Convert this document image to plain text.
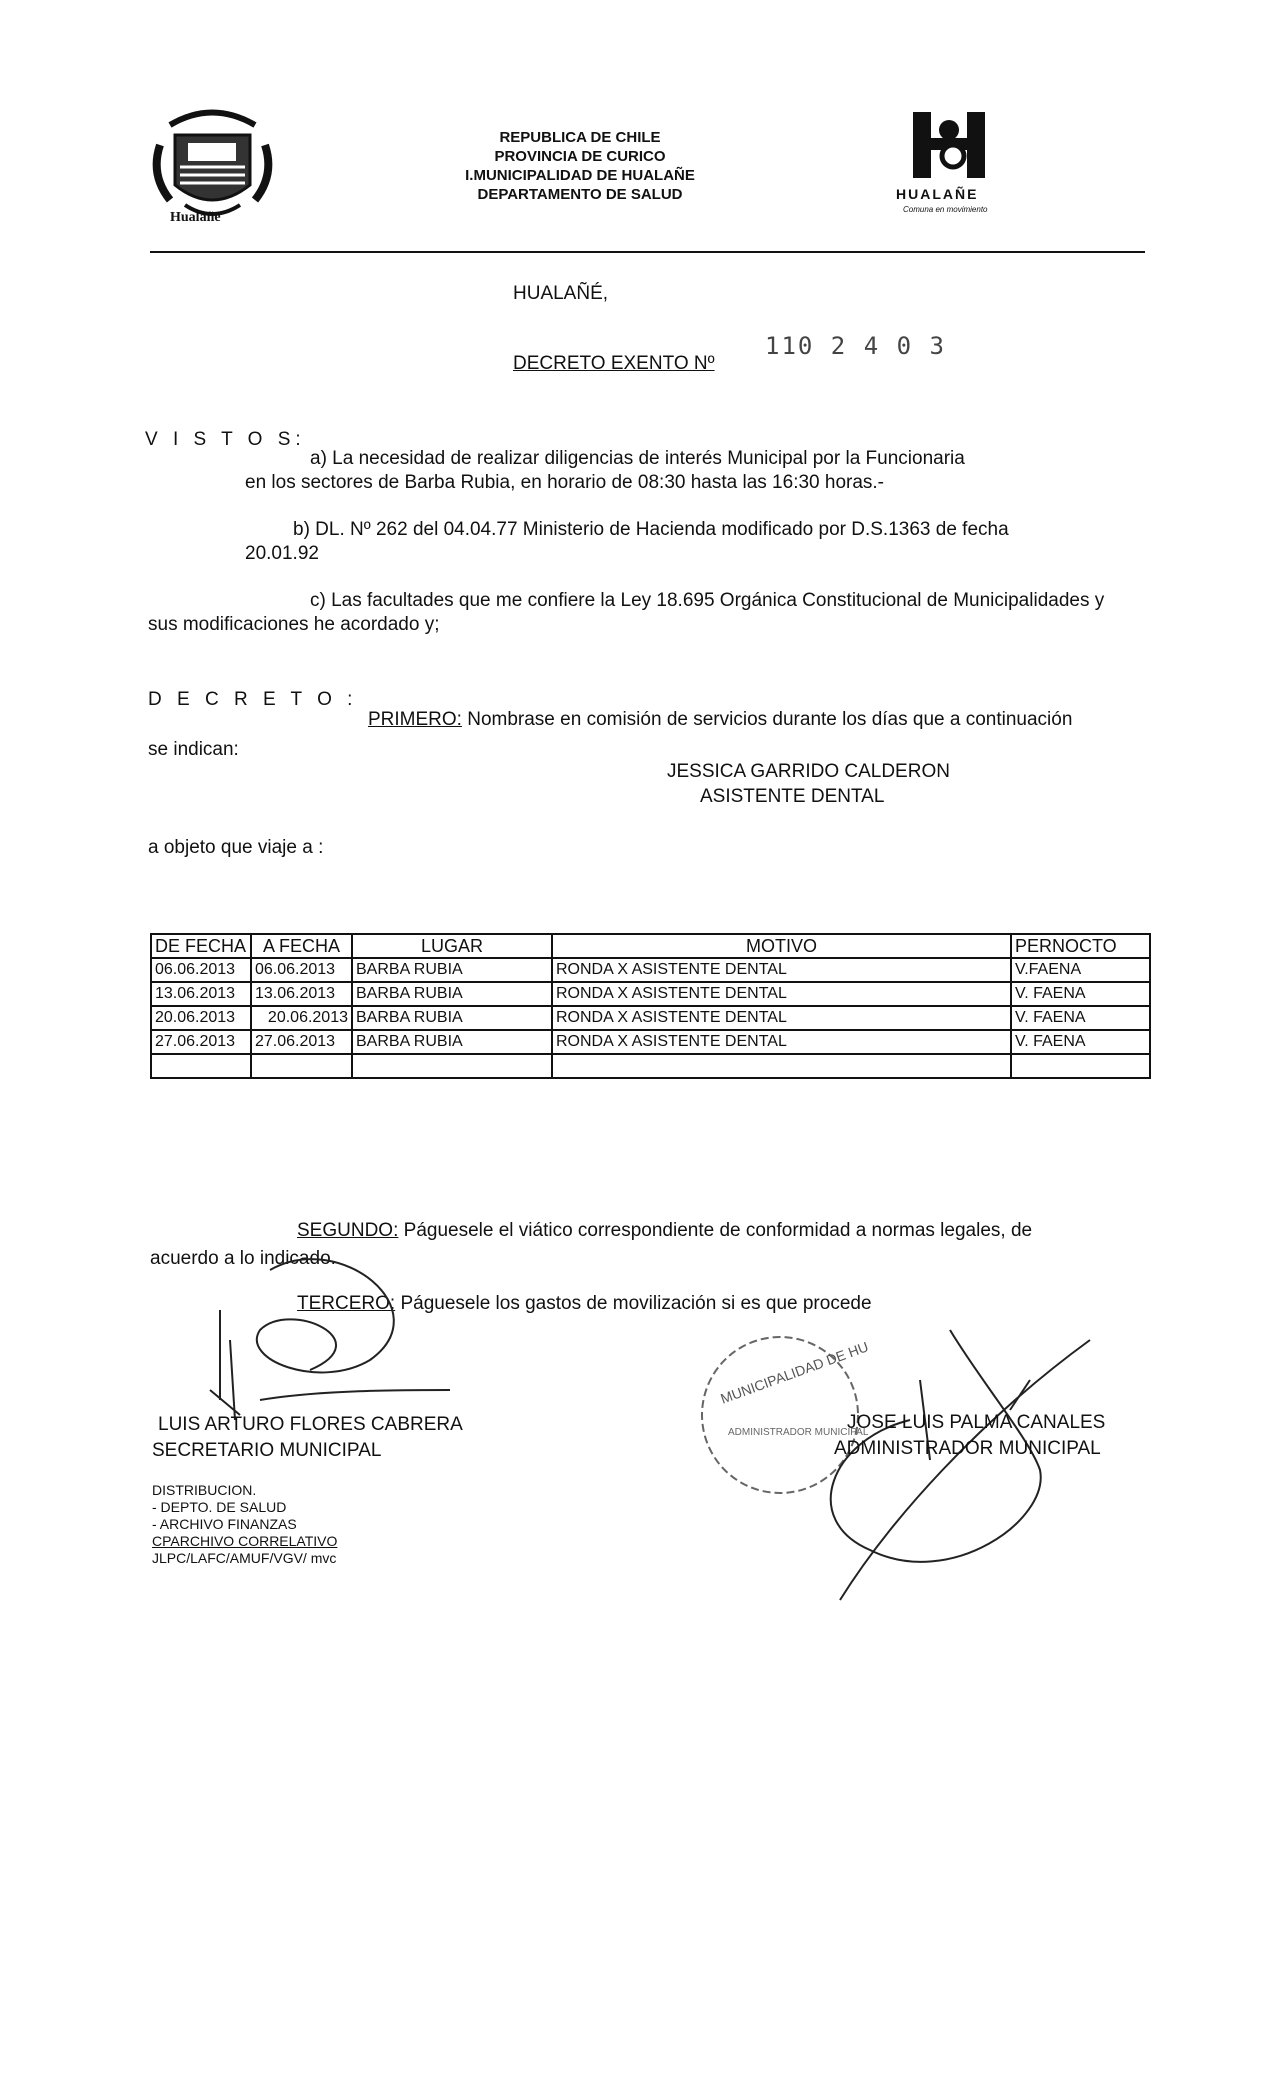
Hualañé
REPUBLICA DE CHILE
PROVINCIA DE CURICO
I.MUNICIPALIDAD DE HUALAÑE
DEPARTAMENTO DE SALUD	HUALAÑE
Comuna en movimiento
HUALAÑÉ,
DECRETO EXENTO Nº
110 2 4 0 3
V I S T O S:
a) La necesidad de realizar diligencias de interés Municipal por la Funcionaria
en los sectores de Barba Rubia, en horario de 08:30 hasta las 16:30 horas.-
b) DL. Nº 262 del 04.04.77 Ministerio de Hacienda modificado por D.S.1363 de fecha
20.01.92
c) Las facultades que me confiere la Ley 18.695 Orgánica Constitucional de Municipalidades y
sus modificaciones he acordado y;
D E C R E T O :
PRIMERO: Nombrase en comisión de servicios durante los días que a continuación
se indican:
JESSICA GARRIDO CALDERON
ASISTENTE DENTAL
a objeto que viaje a :
DE FECHA	A FECHA	LUGAR	MOTIVO	PERNOCTO
06.06.2013	06.06.2013	BARBA RUBIA	RONDA X ASISTENTE DENTAL	V.FAENA
13.06.2013	13.06.2013	BARBA RUBIA	RONDA X ASISTENTE DENTAL	V. FAENA
20.06.2013	20.06.2013	BARBA RUBIA	RONDA X ASISTENTE DENTAL	V. FAENA
27.06.2013	27.06.2013	BARBA RUBIA	RONDA X ASISTENTE DENTAL	V. FAENA

SEGUNDO: Páguesele el viático correspondiente de conformidad a normas legales, de
acuerdo a lo indicado.
TERCERO: Páguesele los gastos de movilización si es que procede
LUIS ARTURO FLORES CABRERA
SECRETARIO MUNICIPAL
MUNICIPALIDAD DE HU
ADMINISTRADOR MUNICIPAL
JOSE LUIS PALMA CANALES
ADMINISTRADOR MUNICIPAL
DISTRIBUCION.
- DEPTO. DE SALUD
- ARCHIVO FINANZAS
CPARCHIVO CORRELATIVO
JLPC/LAFC/AMUF/VGV/ mvc
